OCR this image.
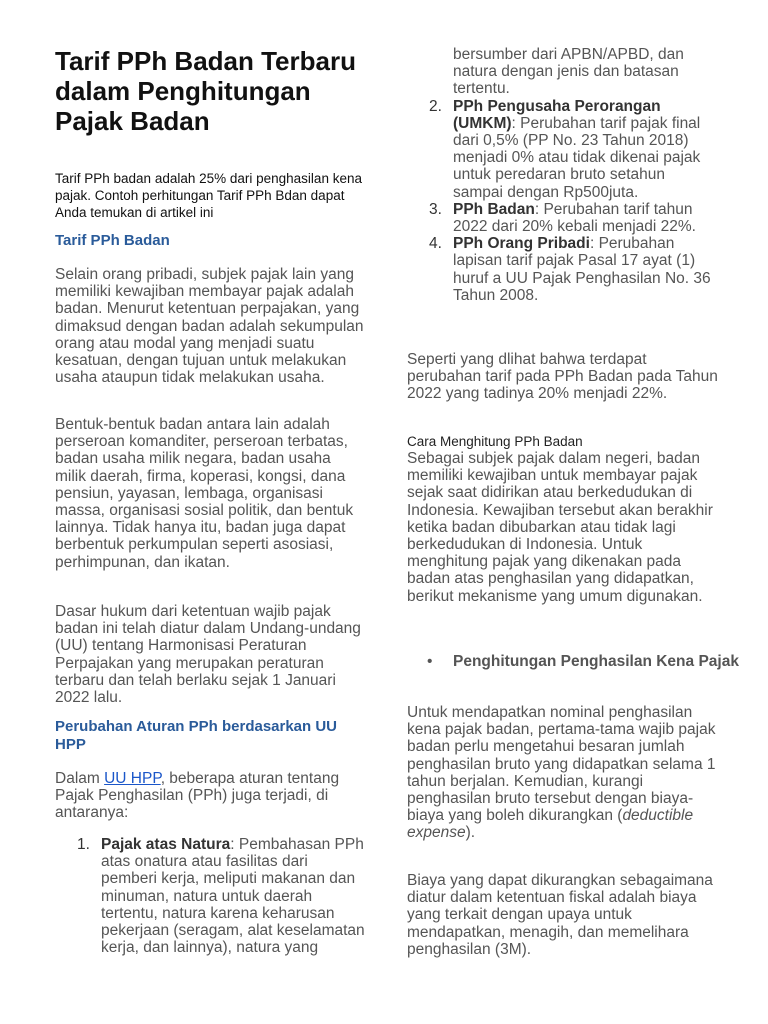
Tarif PPh Badan Terbaru dalam Penghitungan Pajak Badan

Tarif PPh badan adalah 25% dari penghasilan kena pajak. Contoh perhitungan Tarif PPh Bdan dapat Anda temukan di artikel ini

Tarif PPh Badan

Selain orang pribadi, subjek pajak lain yang memiliki kewajiban membayar pajak adalah badan. Menurut ketentuan perpajakan, yang dimaksud dengan badan adalah sekumpulan orang atau modal yang menjadi suatu kesatuan, dengan tujuan untuk melakukan usaha ataupun tidak melakukan usaha.

Bentuk-bentuk badan antara lain adalah perseroan komanditer, perseroan terbatas, badan usaha milik negara, badan usaha milik daerah, firma, koperasi, kongsi, dana pensiun, yayasan, lembaga, organisasi massa, organisasi sosial politik, dan bentuk lainnya. Tidak hanya itu, badan juga dapat berbentuk perkumpulan seperti asosiasi, perhimpunan, dan ikatan.

Dasar hukum dari ketentuan wajib pajak badan ini telah diatur dalam Undang-undang (UU) tentang Harmonisasi Peraturan Perpajakan yang merupakan peraturan terbaru dan telah berlaku sejak 1 Januari 2022 lalu.

Perubahan Aturan PPh berdasarkan UU HPP

Dalam UU HPP, beberapa aturan tentang Pajak Penghasilan (PPh) juga terjadi, di antaranya:

1. Pajak atas Natura: Pembahasan PPh atas onatura atau fasilitas dari pemberi kerja, meliputi makanan dan minuman, natura untuk daerah tertentu, natura karena keharusan pekerjaan (seragam, alat keselamatan kerja, dan lainnya), natura yang
bersumber dari APBN/APBD, dan natura dengan jenis dan batasan tertentu.
2. PPh Pengusaha Perorangan (UMKM): Perubahan tarif pajak final dari 0,5% (PP No. 23 Tahun 2018) menjadi 0% atau tidak dikenai pajak untuk peredaran bruto setahun sampai dengan Rp500juta.
3. PPh Badan: Perubahan tarif tahun 2022 dari 20% kebali menjadi 22%.
4. PPh Orang Pribadi: Perubahan lapisan tarif pajak Pasal 17 ayat (1) huruf a UU Pajak Penghasilan No. 36 Tahun 2008.

Seperti yang dlihat bahwa terdapat perubahan tarif pada PPh Badan pada Tahun 2022 yang tadinya 20% menjadi 22%.

Cara Menghitung PPh Badan

Sebagai subjek pajak dalam negeri, badan memiliki kewajiban untuk membayar pajak sejak saat didirikan atau berkedudukan di Indonesia. Kewajiban tersebut akan berakhir ketika badan dibubarkan atau tidak lagi berkedudukan di Indonesia. Untuk menghitung pajak yang dikenakan pada badan atas penghasilan yang didapatkan, berikut mekanisme yang umum digunakan.

• Penghitungan Penghasilan Kena Pajak

Untuk mendapatkan nominal penghasilan kena pajak badan, pertama-tama wajib pajak badan perlu mengetahui besaran jumlah penghasilan bruto yang didapatkan selama 1 tahun berjalan. Kemudian, kurangi penghasilan bruto tersebut dengan biaya-biaya yang boleh dikurangkan (deductible expense).

Biaya yang dapat dikurangkan sebagaimana diatur dalam ketentuan fiskal adalah biaya yang terkait dengan upaya untuk mendapatkan, menagih, dan memelihara penghasilan (3M).
